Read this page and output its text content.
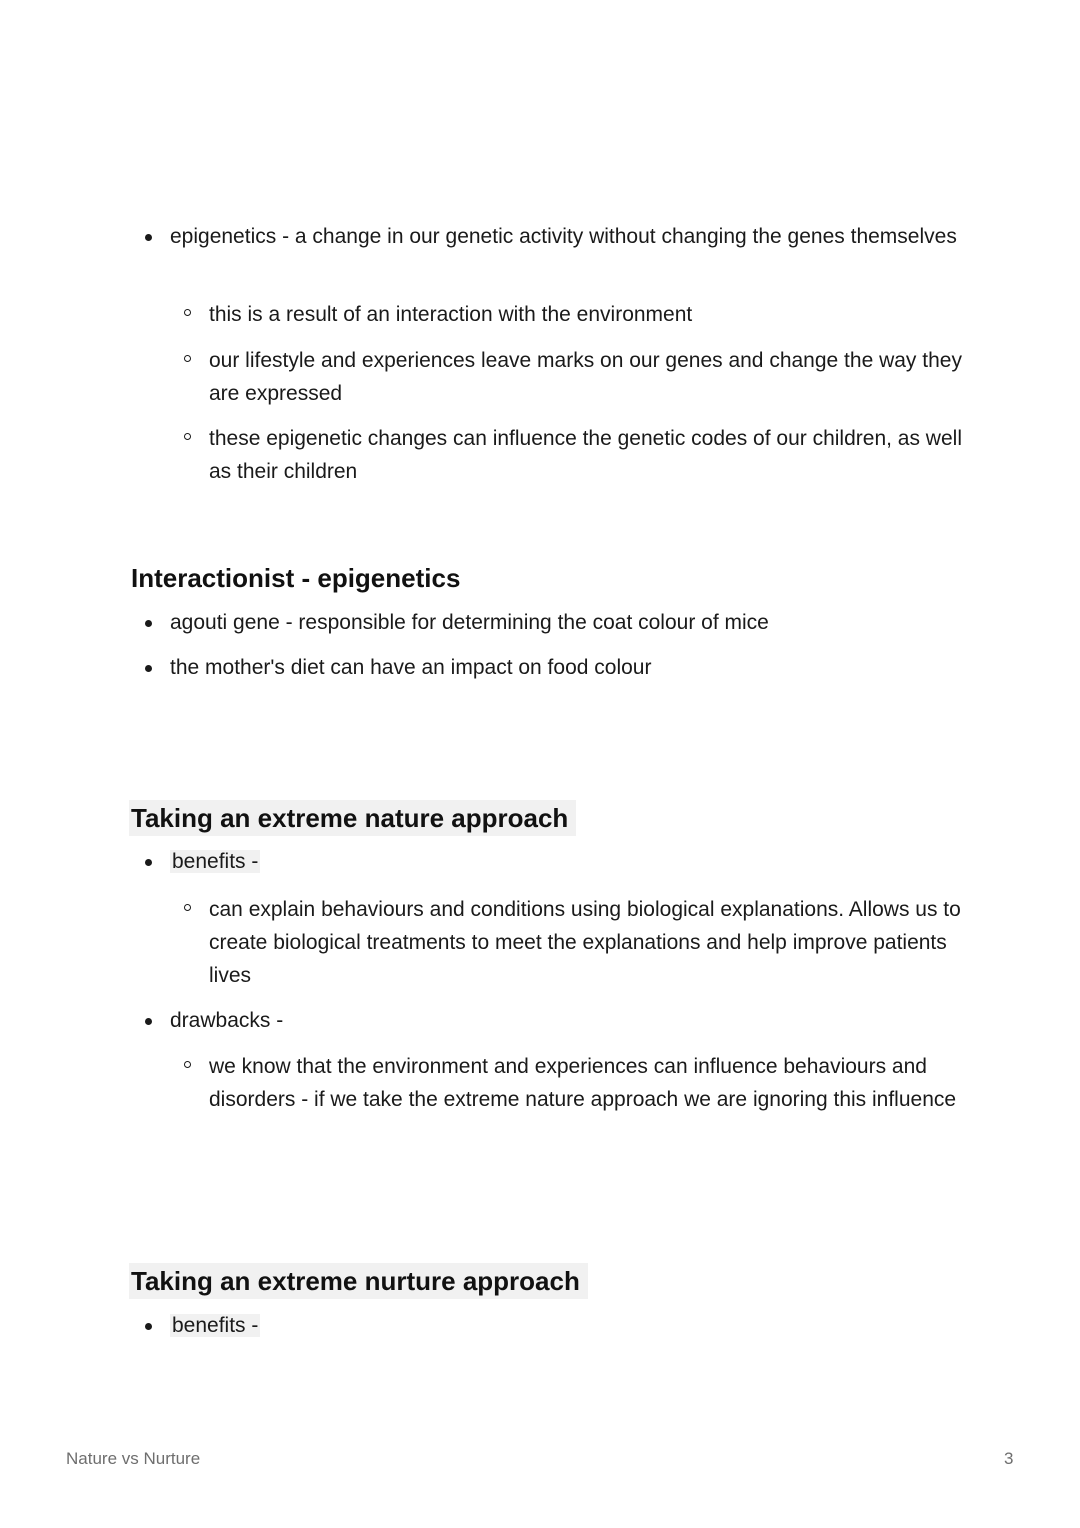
epigenetics - a change in our genetic activity without changing the genes themselves
this is a result of an interaction with the environment
our lifestyle and experiences leave marks on our genes and change the way they are expressed
these epigenetic changes can influence the genetic codes of our children, as well as their children
Interactionist - epigenetics
agouti gene - responsible for determining the coat colour of mice
the mother's diet can have an impact on food colour
Taking an extreme nature approach
benefits -
can explain behaviours and conditions using biological explanations. Allows us to create biological treatments to meet the explanations and help improve patients lives
drawbacks -
we know that the environment and experiences can influence behaviours and disorders - if we take the extreme nature approach we are ignoring this influence
Taking an extreme nurture approach
benefits -
Nature vs Nurture	3
